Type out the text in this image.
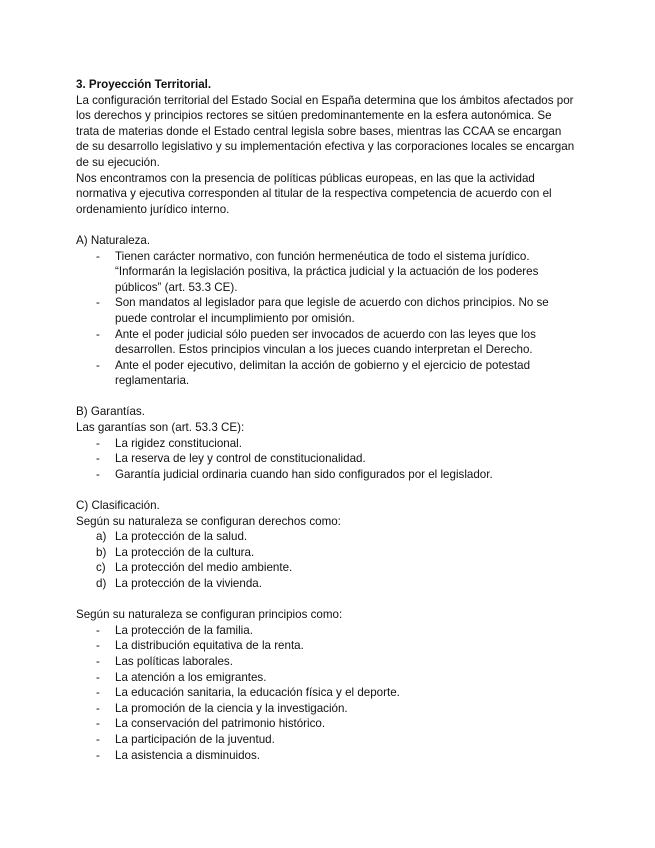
3. Proyección Territorial.

La configuración territorial del Estado Social en España determina que los ámbitos afectados por los derechos y principios rectores se sitúen predominantemente en la esfera autonómica. Se trata de materias donde el Estado central legisla sobre bases, mientras las CCAA se encargan de su desarrollo legislativo y su implementación efectiva y las corporaciones locales se encargan de su ejecución.

Nos encontramos con la presencia de políticas públicas europeas, en las que la actividad normativa y ejecutiva corresponden al titular de la respectiva competencia de acuerdo con el ordenamiento jurídico interno.

A) Naturaleza.

- Tienen carácter normativo, con función hermenéutica de todo el sistema jurídico. “Informarán la legislación positiva, la práctica judicial y la actuación de los poderes públicos” (art. 53.3 CE).
- Son mandatos al legislador para que legisle de acuerdo con dichos principios. No se puede controlar el incumplimiento por omisión.
- Ante el poder judicial sólo pueden ser invocados de acuerdo con las leyes que los desarrollen. Estos principios vinculan a los jueces cuando interpretan el Derecho.
- Ante el poder ejecutivo, delimitan la acción de gobierno y el ejercicio de potestad reglamentaria.

B) Garantías.

Las garantías son (art. 53.3 CE):

- La rigidez constitucional.
- La reserva de ley y control de constitucionalidad.
- Garantía judicial ordinaria cuando han sido configurados por el legislador.

C) Clasificación.

Según su naturaleza se configuran derechos como:

a) La protección de la salud.
b) La protección de la cultura.
c) La protección del medio ambiente.
d) La protección de la vivienda.

Según su naturaleza se configuran principios como:

- La protección de la familia.
- La distribución equitativa de la renta.
- Las políticas laborales.
- La atención a los emigrantes.
- La educación sanitaria, la educación física y el deporte.
- La promoción de la ciencia y la investigación.
- La conservación del patrimonio histórico.
- La participación de la juventud.
- La asistencia a disminuidos.
